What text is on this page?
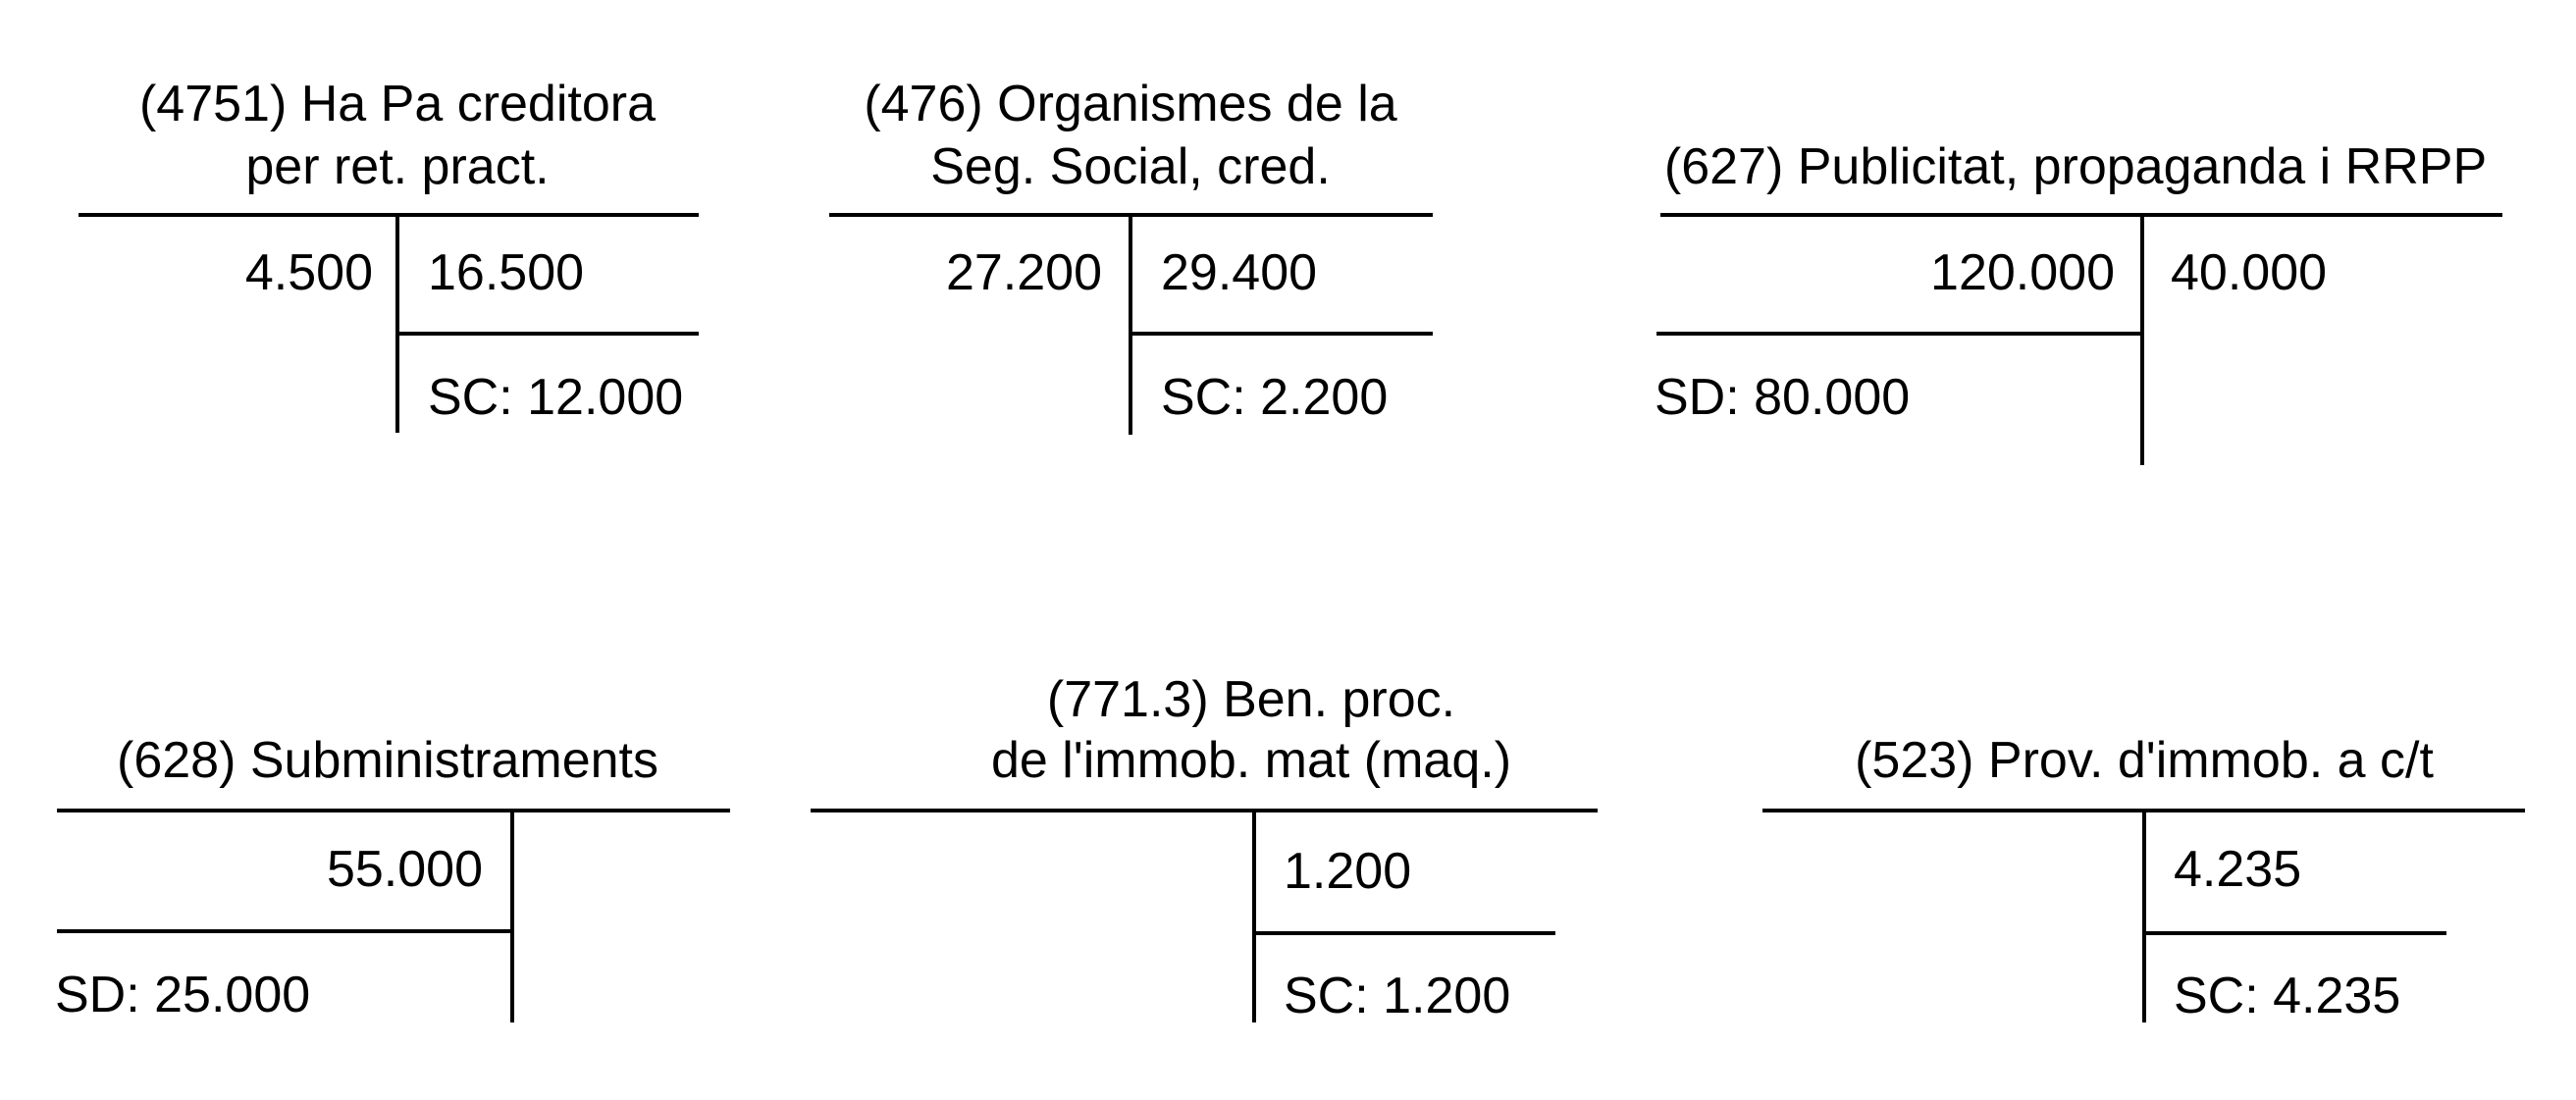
(4751) Ha Pa creditora
per ret. pract.
4.500 16.500
SC: 12.000
(476) Organismes de la
Seg. Social, cred.
27.200 29.400
SC: 2.200
(627) Publicitat, propaganda i RRPP
120.000 40.000
SD: 80.000
(628) Subministraments
55.000
SD: 25.000
(771.3) Ben. proc.
de l'immob. mat (maq.)
1.200
SC: 1.200
(523) Prov. d'immob. a c/t
4.235
SC: 4.235
